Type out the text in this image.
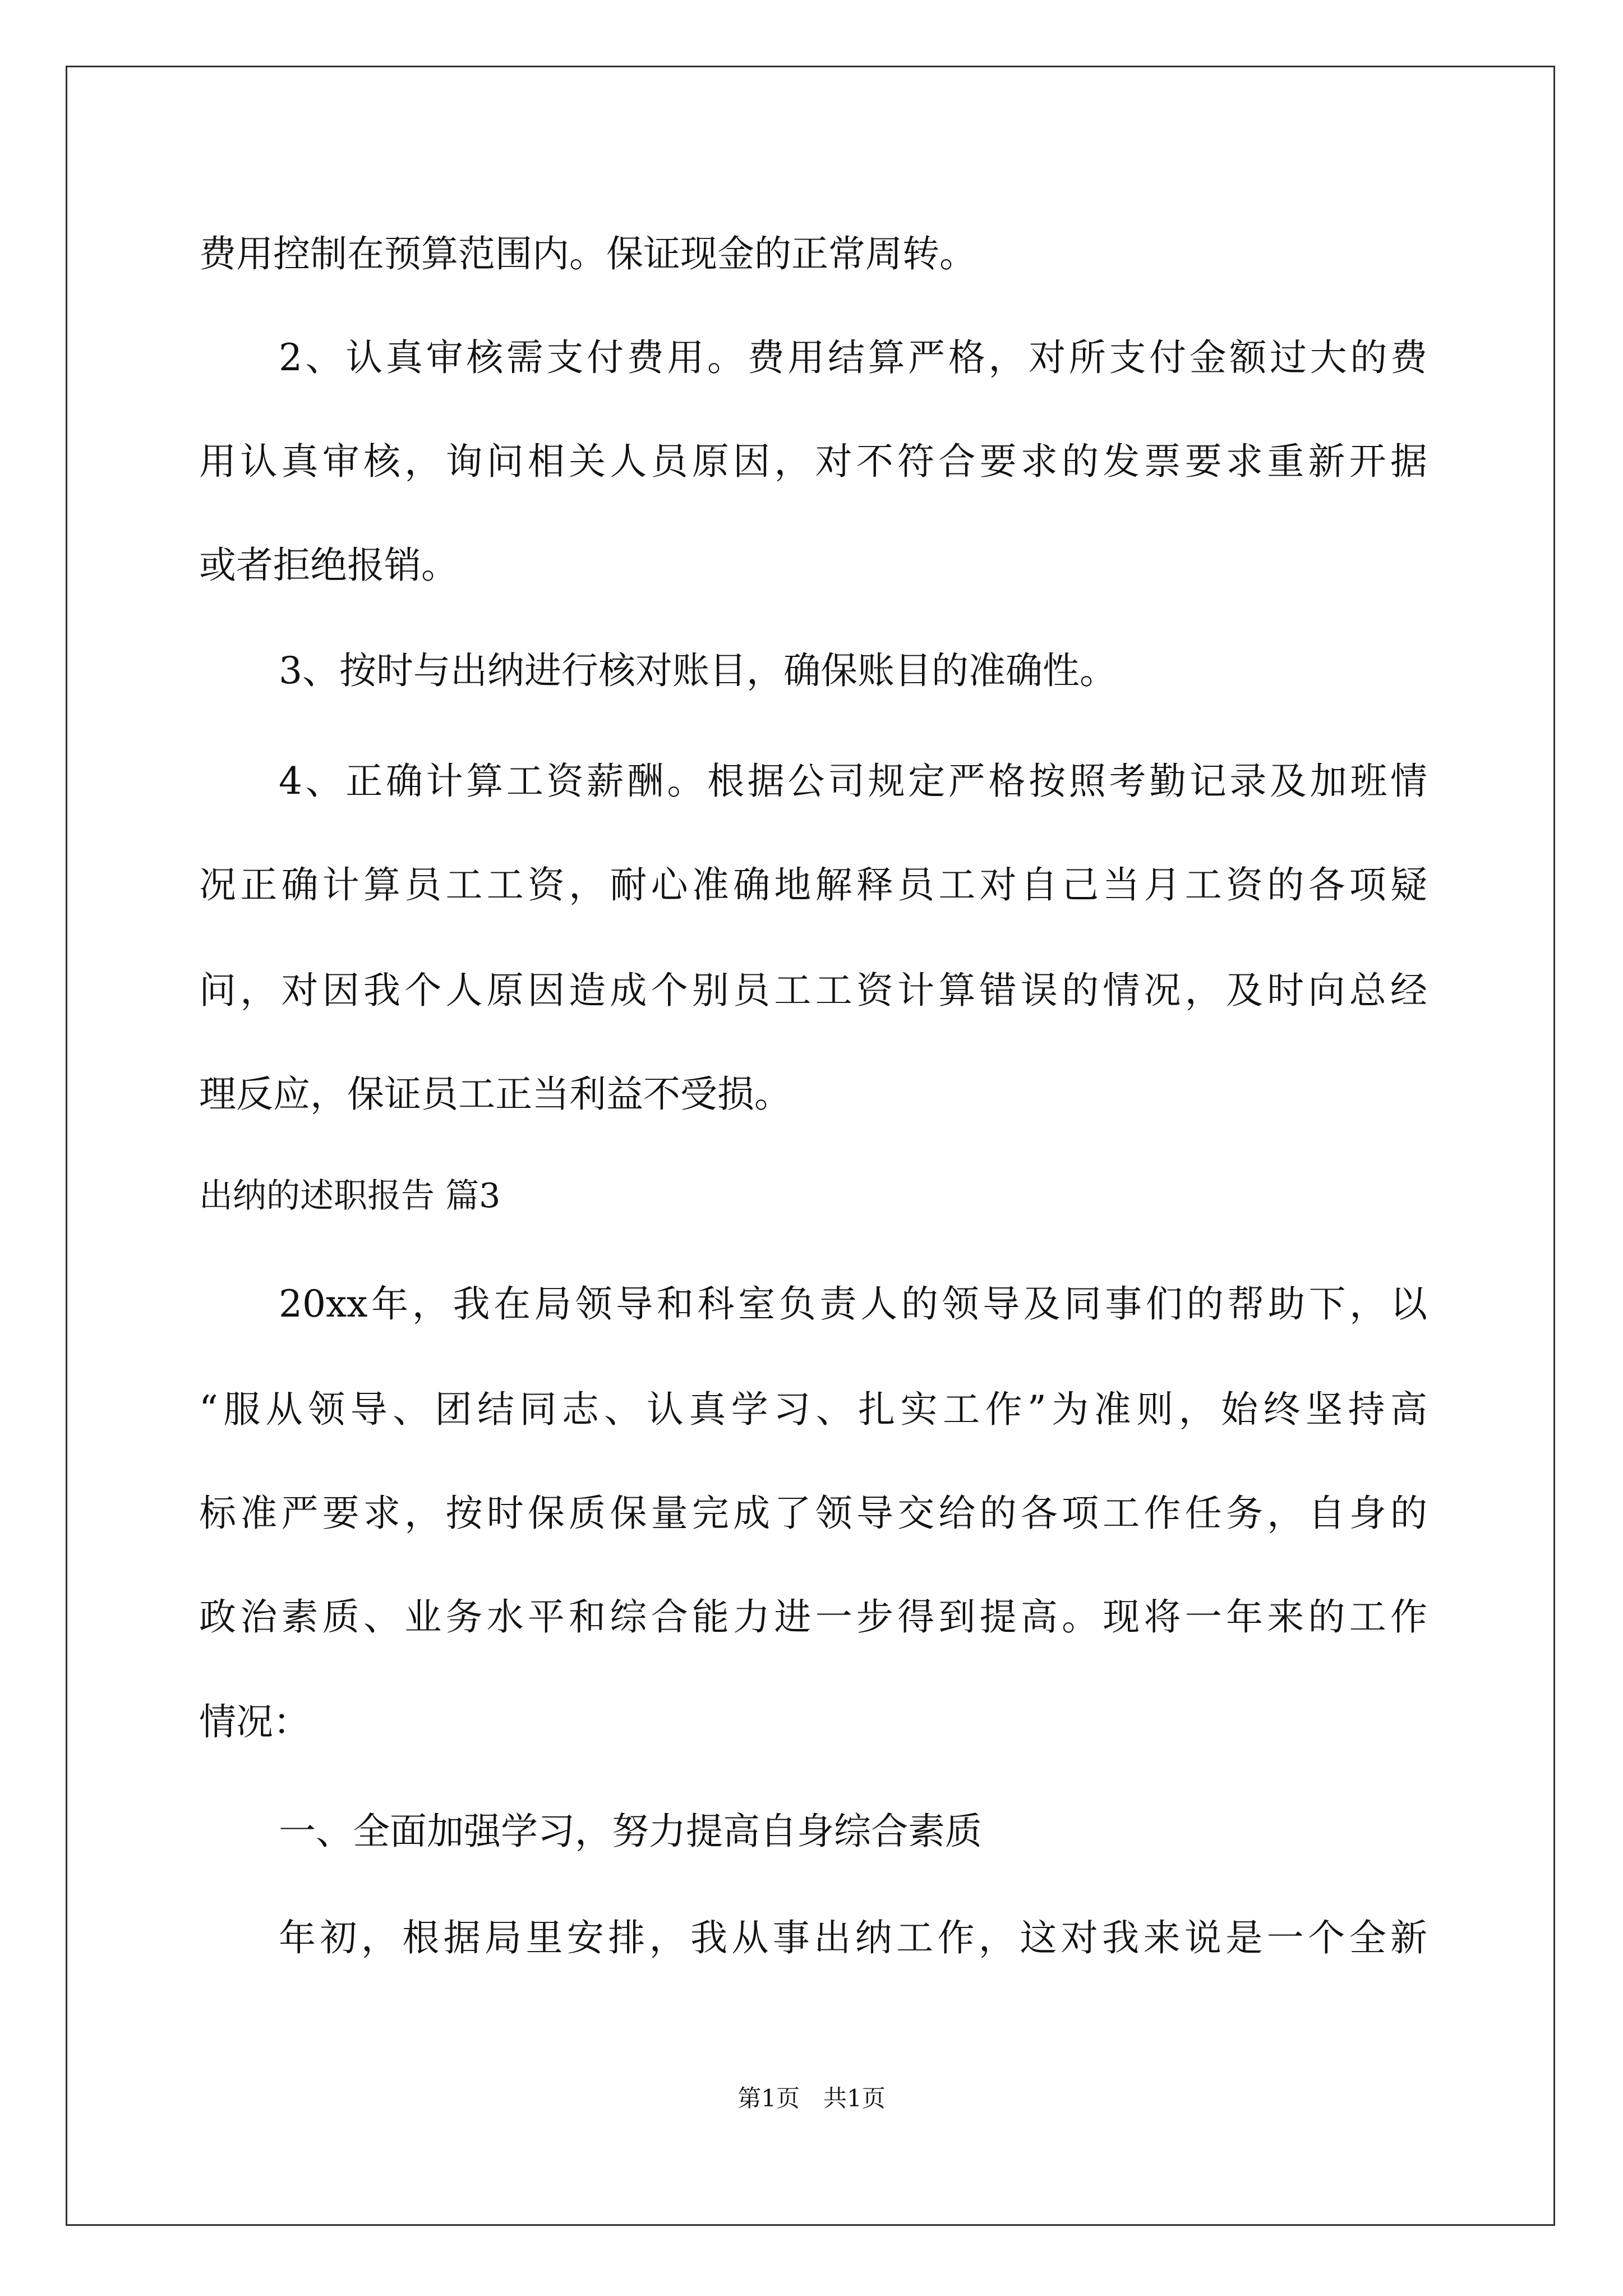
费用控制在预算范围内。保证现金的正常周转。
2、认真审核需支付费用。费用结算严格，对所支付金额过大的费
用认真审核，询问相关人员原因，对不符合要求的发票要求重新开据
或者拒绝报销。
3、按时与出纳进行核对账目，确保账目的准确性。
4、正确计算工资薪酬。根据公司规定严格按照考勤记录及加班情
况正确计算员工工资，耐心准确地解释员工对自己当月工资的各项疑
问，对因我个人原因造成个别员工工资计算错误的情况，及时向总经
理反应，保证员工正当利益不受损。
出纳的述职报告 篇3
20xx年，我在局领导和科室负责人的领导及同事们的帮助下，以
“服从领导、团结同志、认真学习、扎实工作”为准则，始终坚持高
标准严要求，按时保质保量完成了领导交给的各项工作任务，自身的
政治素质、业务水平和综合能力进一步得到提高。现将一年来的工作
情况：
一、全面加强学习，努力提高自身综合素质
年初，根据局里安排，我从事出纳工作，这对我来说是一个全新
第1页　共1页
